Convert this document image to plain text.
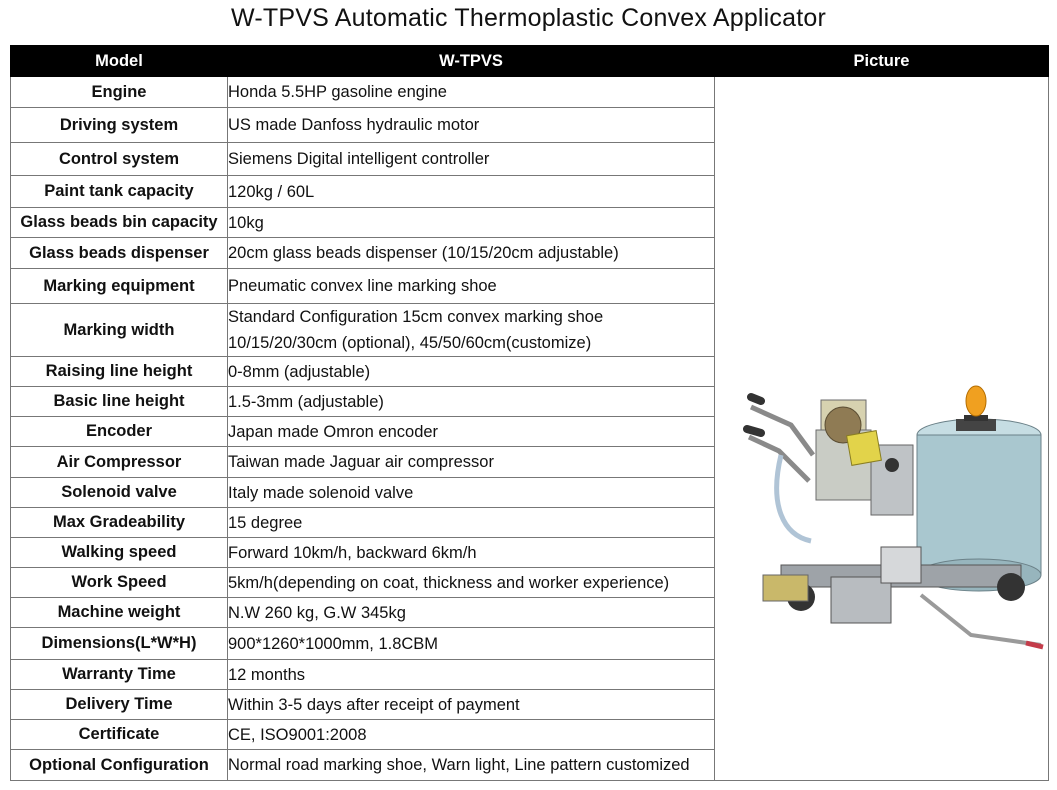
W-TPVS Automatic Thermoplastic Convex Applicator
Model	W-TPVS	Picture
Engine	Honda 5.5HP gasoline engine

Driving system	US made Danfoss hydraulic motor	

Control system	Siemens Digital intelligent controller	

Paint tank capacity	120kg / 60L	

Glass beads bin capacity	10kg	

Glass beads dispenser	20cm glass beads dispenser (10/15/20cm adjustable)	

Marking equipment	Pneumatic convex line marking shoe	

Marking width	Standard Configuration 15cm convex marking shoe
10/15/20/30cm (optional), 45/50/60cm(customize)	

Raising line height	0-8mm (adjustable)	

Basic line height	1.5-3mm (adjustable)	

Encoder	Japan made Omron encoder	

Air Compressor	Taiwan made Jaguar air compressor	

Solenoid valve	Italy made solenoid valve	

Max Gradeability	15 degree	

Walking speed	Forward 10km/h, backward 6km/h	

Work Speed	5km/h(depending on coat, thickness and worker experience)	

Machine weight	N.W 260 kg, G.W 345kg	

Dimensions(L*W*H)	900*1260*1000mm, 1.8CBM	

Warranty Time	12 months	

Delivery Time	Within 3-5 days after receipt of payment	

Certificate	CE, ISO9001:2008	

Optional Configuration	Normal road marking shoe, Warn light, Line pattern customized	
